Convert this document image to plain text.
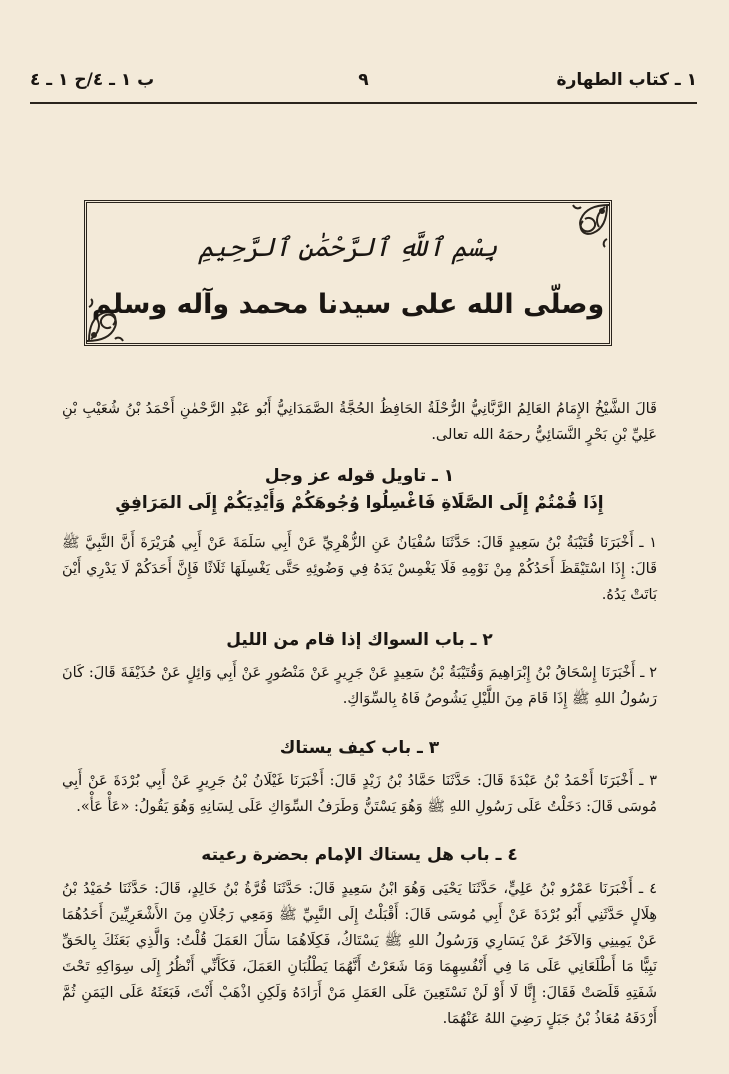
١ ـ كتاب الطهارة
٩
ب ١ ـ ٤/ح ١ ـ ٤
بِسْمِ ٱللَّهِ ٱلرَّحْمَٰنِ ٱلرَّحِيمِ
وصلّى الله على سيدنا محمد وآله وسلم
قَالَ الشَّيْخُ الإِمَامُ العَالِمُ الرَّبَّانِيُّ الرُّحْلَةُ الحَافِظُ الحُجَّةُ الصَّمَدَانِيُّ أَبُو عَبْدِ الرَّحْمٰنِ أَحْمَدُ بْنُ شُعَيْبِ بْنِ عَلِيِّ بْنِ بَحْرٍ النَّسَائِيُّ رحمَهُ الله تعالى.
١ ـ تاويل قوله عز وجل
إِذَا قُمْتُمْ إِلَى الصَّلَاةِ فَاغْسِلُوا وُجُوهَكُمْ وَأَيْدِيَكُمْ إِلَى المَرَافِقِ
١ ـ أَخْبَرَنَا قُتَيْبَةُ بْنُ سَعِيدٍ قَالَ: حَدَّثَنَا سُفْيَانُ عَنِ الزُّهْرِيِّ عَنْ أَبِي سَلَمَةَ عَنْ أَبِي هُرَيْرَةَ أَنَّ النَّبِيَّ ﷺ قَالَ: إِذَا اسْتَيْقَظَ أَحَدُكُمْ مِنْ نَوْمِهِ فَلَا يَغْمِسْ يَدَهُ فِي وَضُوئِهِ حَتَّى يَغْسِلَهَا ثَلَاثًا فَإِنَّ أَحَدَكُمْ لَا يَدْرِي أَيْنَ بَاتَتْ يَدُهُ.
٢ ـ باب السواك إذا قام من الليل
٢ ـ أَخْبَرَنَا إِسْحَاقُ بْنُ إِبْرَاهِيمَ وَقُتَيْبَةُ بْنُ سَعِيدٍ عَنْ جَرِيرٍ عَنْ مَنْصُورٍ عَنْ أَبِي وَائِلٍ عَنْ حُذَيْفَةَ قَالَ: كَانَ رَسُولُ اللهِ ﷺ إِذَا قَامَ مِنَ اللَّيْلِ يَشُوصُ فَاهُ بِالسِّوَاكِ.
٣ ـ باب كيف يستاك
٣ ـ أَخْبَرَنَا أَحْمَدُ بْنُ عَبْدَةَ قَالَ: حَدَّثَنَا حَمَّادُ بْنُ زَيْدٍ قَالَ: أَخْبَرَنَا غَيْلَانُ بْنُ جَرِيرٍ عَنْ أَبِي بُرْدَةَ عَنْ أَبِي مُوسَى قَالَ: دَخَلْتُ عَلَى رَسُولِ اللهِ ﷺ وَهُوَ يَسْتَنُّ وَطَرَفُ السِّوَاكِ عَلَى لِسَانِهِ وَهُوَ يَقُولُ: «عَأْ عَأْ».
٤ ـ باب هل يستاك الإمام بحضرة رعيته
٤ ـ أَخْبَرَنَا عَمْرُو بْنُ عَلِيٍّ، حَدَّثَنَا يَحْيَى وَهُوَ ابْنُ سَعِيدٍ قَالَ: حَدَّثَنَا قُرَّةُ بْنُ خَالِدٍ، قَالَ: حَدَّثَنَا حُمَيْدُ بْنُ هِلَالٍ حَدَّثَنِي أَبُو بُرْدَةَ عَنْ أَبِي مُوسَى قَالَ: أَقْبَلْتُ إِلَى النَّبِيِّ ﷺ وَمَعِي رَجُلَانِ مِنَ الأَشْعَرِيِّينَ أَحَدُهُمَا عَنْ يَمِينِي وَالآخَرُ عَنْ يَسَارِي وَرَسُولُ اللهِ ﷺ يَسْتَاكُ، فَكِلَاهُمَا سَأَلَ العَمَلَ قُلْتُ: وَالَّذِي بَعَثَكَ بِالحَقِّ نَبِيًّا مَا أَطْلَعَانِي عَلَى مَا فِي أَنْفُسِهِمَا وَمَا شَعَرْتُ أَنَّهُمَا يَطْلُبَانِ العَمَلَ، فَكَأَنِّي أَنْظُرُ إِلَى سِوَاكِهِ تَحْتَ شَفَتِهِ قَلَصَتْ فَقَالَ: إِنَّا لَا أَوْ لَنْ نَسْتَعِينَ عَلَى العَمَلِ مَنْ أَرَادَهُ وَلَكِنِ اذْهَبْ أَنْتَ، فَبَعَثَهُ عَلَى اليَمَنِ ثُمَّ أَرْدَفَهُ مُعَاذُ بْنُ جَبَلٍ رَضِيَ اللهُ عَنْهُمَا.
